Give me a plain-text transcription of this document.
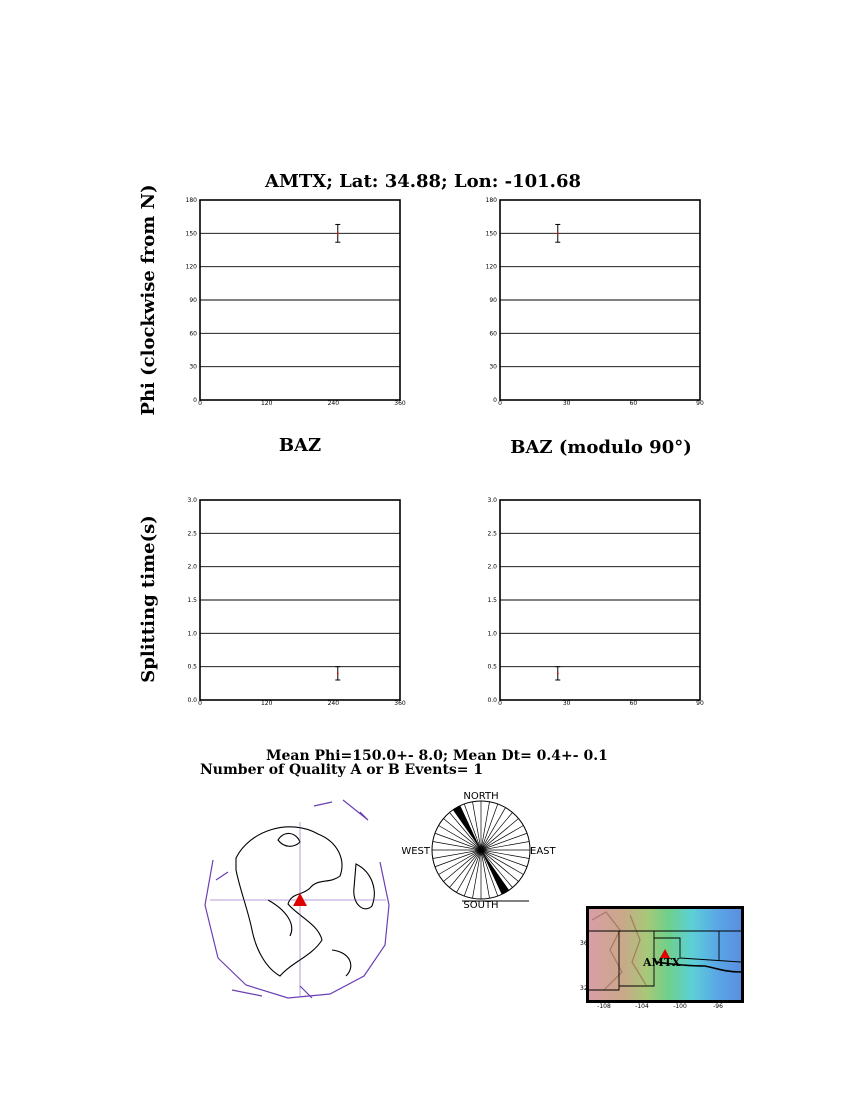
AMTX; Lat: 34.88; Lon: -101.68
Phi (clockwise from N)
Splitting time(s)
BAZ	BAZ (modulo 90°)
0
30
60
90
120
150
180
0	120	240	360	0
30
60
90
120
150
180
0	30	60	90
0.0
0.5
1.0
1.5
2.0
2.5
3.0
0	120	240	360	0.0
0.5
1.0
1.5
2.0
2.5
3.0
0	30	60	90
Mean Phi=150.0+- 8.0; Mean Dt= 0.4+- 0.1
Number of Quality A or B Events= 1
NORTH
SOUTH
WEST	EAST
AMTX
36
32
-108	-104	-100	-96
